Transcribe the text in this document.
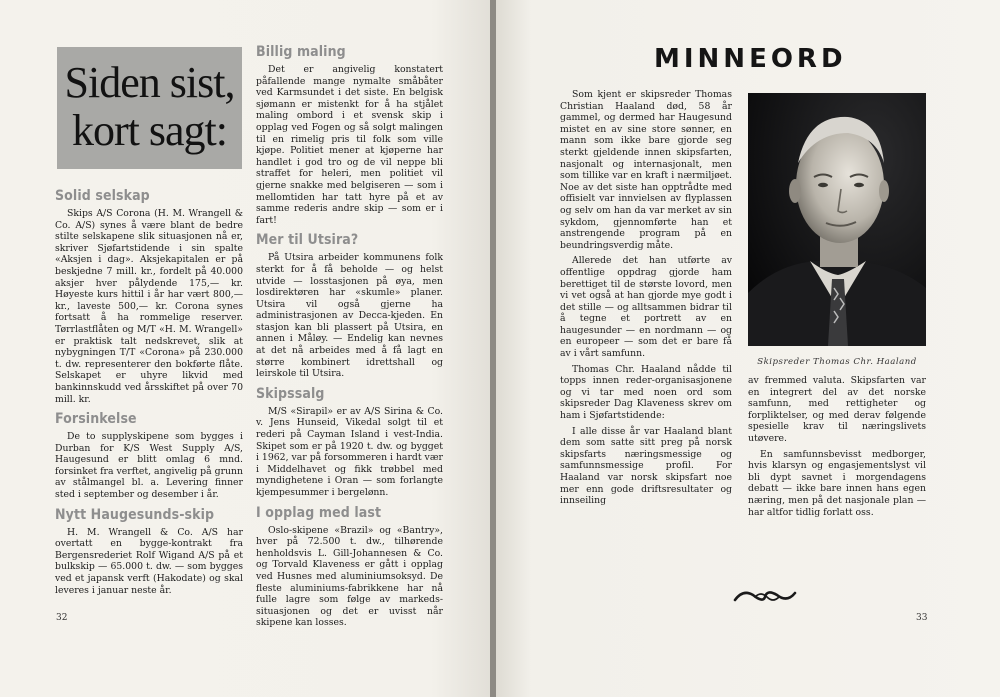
Siden sist,
kort sagt:
Solid selskap

Skips A/S Corona (H. M. Wrangell & Co. A/S) synes å være blant de bedre stilte selskapene slik situasjonen nå er, skriver Sjøfartstidende i sin spalte «Aksjen i dag». Aksjekapitalen er på beskjedne 7 mill. kr., fordelt på 40.000 aksjer hver pålydende 175,— kr. Høyeste kurs hittil i år har vært 800,— kr., laveste 500,— kr. Corona synes fortsatt å ha rommelige reserver. Tørrlastflåten og M/T «H. M. Wrangell» er praktisk talt nedskrevet, slik at nybygningen T/T «Corona» på 230.000 t. dw. representerer den bokførte flåte. Selskapet er uhyre likvid med bankinnskudd ved årsskiftet på over 70 mill. kr.

Forsinkelse

De to supplyskipene som bygges i Durban for K/S West Supply A/S, Haugesund er blitt omlag 6 mnd. forsinket fra verftet, angivelig på grunn av stålmangel bl. a. Levering finner sted i september og desember i år.

Nytt Haugesunds-skip

H. M. Wrangell & Co. A/S har overtatt en bygge-kontrakt fra Bergensrederiet Rolf Wigand A/S på et bulkskip — 65.000 t. dw. — som bygges ved et japansk verft (Hakodate) og skal leveres i januar neste år.

Billig maling

Det er angivelig konstatert påfallende mange nymalte småbåter ved Karmsundet i det siste. En belgisk sjømann er mistenkt for å ha stjålet maling ombord i et svensk skip i opplag ved Fogen og så solgt malingen til en rimelig pris til folk som ville kjøpe. Politiet mener at kjøperne har handlet i god tro og de vil neppe bli straffet for heleri, men politiet vil gjerne snakke med belgiseren — som i mellomtiden har tatt hyre på et av samme rederis andre skip — som er i fart!

Mer til Utsira?

På Utsira arbeider kommunens folk sterkt for å få beholde — og helst utvide — losstasjonen på øya, men losdirektøren har «skumle» planer. Utsira vil også gjerne ha administrasjonen av Decca-kjeden. En stasjon kan bli plassert på Utsira, en annen i Måløy. — Endelig kan nevnes at det nå arbeides med å få lagt en større kombinert idrettshall og leirskole til Utsira.

Skipssalg

M/S «Sirapil» er av A/S Sirina & Co. v. Jens Hunseid, Vikedal solgt til et rederi på Cayman Island i vest-India. Skipet som er på 1920 t. dw. og bygget i 1962, var på forsommeren i hardt vær i Middelhavet og fikk trøbbel med myndighetene i Oran — som forlangte kjempesummer i bergelønn.

I opplag med last

Oslo-skipene «Brazil» og «Bantry», hver på 72.500 t. dw., tilhørende henholdsvis L. Gill-Johannesen & Co. og Torvald Klaveness er gått i opplag ved Husnes med aluminiumsoksyd. De fleste aluminiums-fabrikkene har nå fulle lagre som følge av markeds-situasjonen og det er uvisst når skipene kan losses.

32
MINNEORD

Som kjent er skipsreder Thomas Christian Haaland død, 58 år gammel, og dermed har Haugesund mistet en av sine store sønner, en mann som ikke bare gjorde seg sterkt gjeldende innen skipsfarten, nasjonalt og internasjonalt, men som tillike var en kraft i nærmiljøet. Noe av det siste han opptrådte med offisielt var innvielsen av flyplassen og selv om han da var merket av sin sykdom, gjennomførte han et anstrengende program på en beundringsverdig måte.

Allerede det han utførte av offentlige oppdrag gjorde ham berettiget til de største lovord, men vi vet også at han gjorde mye godt i det stille — og alltsammen bidrar til å tegne et portrett av en haugesunder — en nordmann — og en europeer — som det er bare få av i vårt samfunn.

Thomas Chr. Haaland nådde til topps innen reder-organisasjonene og vi tar med noen ord som skipsreder Dag Klaveness skrev om ham i Sjøfartstidende:

I alle disse år var Haaland blant dem som satte sitt preg på norsk skipsfarts næringsmessige og samfunnsmessige profil. For Haaland var norsk skipsfart noe mer enn gode driftsresultater og innseiling

Skipsreder Thomas Chr. Haaland

av fremmed valuta. Skipsfarten var en integrert del av det norske samfunn, med rettigheter og forpliktelser, og med derav følgende spesielle krav til næringslivets utøvere.

En samfunnsbevisst medborger, hvis klarsyn og engasjementslyst vil bli dypt savnet i morgendagens debatt — ikke bare innen hans egen næring, men på det nasjonale plan — har altfor tidlig forlatt oss.

33
